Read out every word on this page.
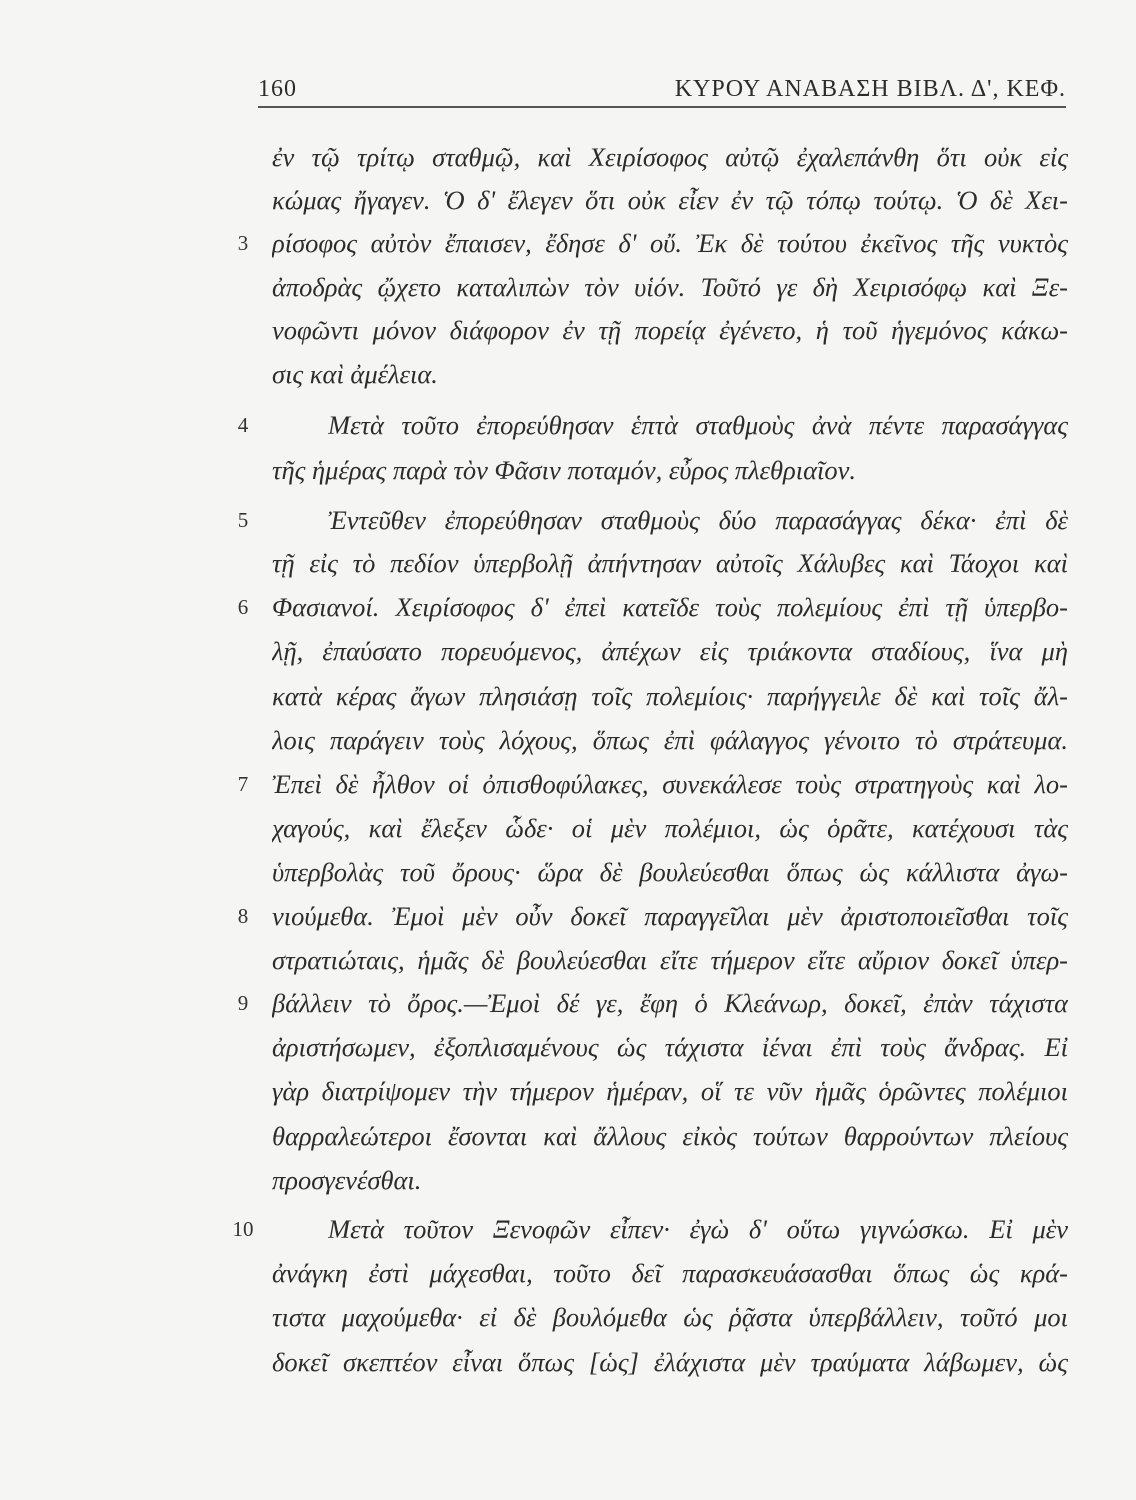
160	ΚΥΡΟΥ ΑΝΑΒΑΣΗ ΒΙΒΛ. Δ', ΚΕΦ.
ἐν τῷ τρίτῳ σταθμῷ, καὶ Χειρίσοφος αὐτῷ ἐχαλεπάνθη ὅτι οὐκ εἰς
κώμας ἤγαγεν. Ὁ δ' ἔλεγεν ὅτι οὐκ εἶεν ἐν τῷ τόπῳ τούτῳ. Ὁ δὲ Χει-
ρίσοφος αὐτὸν ἔπαισεν, ἔδησε δ' οὔ. Ἐκ δὲ τούτου ἐκεῖνος τῆς νυκτὸς
ἀποδρὰς ᾤχετο καταλιπὼν τὸν υἱόν. Τοῦτό γε δὴ Χειρισόφῳ καὶ Ξε-
νοφῶντι μόνον διάφορον ἐν τῇ πορείᾳ ἐγένετο, ἡ τοῦ ἡγεμόνος κάκω-
σις καὶ ἀμέλεια.
Μετὰ τοῦτο ἐπορεύθησαν ἑπτὰ σταθμοὺς ἀνὰ πέντε παρασάγγας
τῆς ἡμέρας παρὰ τὸν Φᾶσιν ποταμόν, εὖρος πλεθριαῖον.
Ἐντεῦθεν ἐπορεύθησαν σταθμοὺς δύο παρασάγγας δέκα· ἐπὶ δὲ
τῇ εἰς τὸ πεδίον ὑπερβολῇ ἀπήντησαν αὐτοῖς Χάλυβες καὶ Τάοχοι καὶ
Φασιανοί. Χειρίσοφος δ' ἐπεὶ κατεῖδε τοὺς πολεμίους ἐπὶ τῇ ὑπερβο-
λῇ, ἐπαύσατο πορευόμενος, ἀπέχων εἰς τριάκοντα σταδίους, ἵνα μὴ
κατὰ κέρας ἄγων πλησιάσῃ τοῖς πολεμίοις· παρήγγειλε δὲ καὶ τοῖς ἄλ-
λοις παράγειν τοὺς λόχους, ὅπως ἐπὶ φάλαγγος γένοιτο τὸ στράτευμα.
Ἐπεὶ δὲ ἦλθον οἱ ὀπισθοφύλακες, συνεκάλεσε τοὺς στρατηγοὺς καὶ λο-
χαγούς, καὶ ἔλεξεν ὧδε· οἱ μὲν πολέμιοι, ὡς ὁρᾶτε, κατέχουσι τὰς
ὑπερβολὰς τοῦ ὄρους· ὥρα δὲ βουλεύεσθαι ὅπως ὡς κάλλιστα ἀγω-
νιούμεθα. Ἐμοὶ μὲν οὖν δοκεῖ παραγγεῖλαι μὲν ἀριστοποιεῖσθαι τοῖς
στρατιώταις, ἡμᾶς δὲ βουλεύεσθαι εἴτε τήμερον εἴτε αὔριον δοκεῖ ὑπερ-
βάλλειν τὸ ὄρος.—Ἐμοὶ δέ γε, ἔφη ὁ Κλεάνωρ, δοκεῖ, ἐπὰν τάχιστα
ἀριστήσωμεν, ἐξοπλισαμένους ὡς τάχιστα ἰέναι ἐπὶ τοὺς ἄνδρας. Εἰ
γὰρ διατρίψομεν τὴν τήμερον ἡμέραν, οἵ τε νῦν ἡμᾶς ὁρῶντες πολέμιοι
θαρραλεώτεροι ἔσονται καὶ ἄλλους εἰκὸς τούτων θαρρούντων πλείους
προσγενέσθαι.
Μετὰ τοῦτον Ξενοφῶν εἶπεν· ἐγὼ δ' οὕτω γιγνώσκω. Εἰ μὲν
ἀνάγκη ἐστὶ μάχεσθαι, τοῦτο δεῖ παρασκευάσασθαι ὅπως ὡς κρά-
τιστα μαχούμεθα· εἰ δὲ βουλόμεθα ὡς ῥᾷστα ὑπερβάλλειν, τοῦτό μοι
δοκεῖ σκεπτέον εἶναι ὅπως [ὡς] ἐλάχιστα μὲν τραύματα λάβωμεν, ὡς
3
4
5
6
7
8
9
10
